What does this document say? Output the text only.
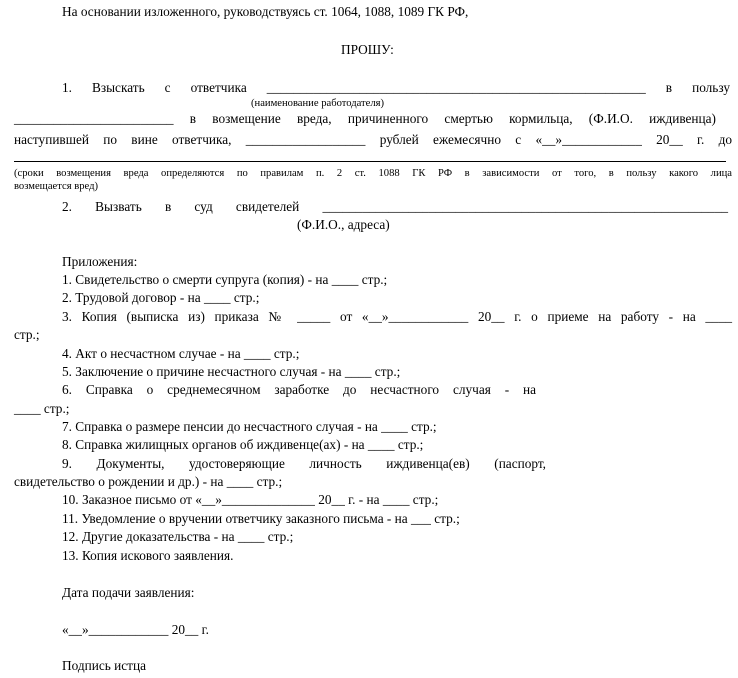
На основании изложенного, руководствуясь ст. 1064, 1088, 1089 ГК РФ,
ПРОШУ:
1. Взыскать с ответчика _________________________________________________________ в пользу
(наименование работодателя)
________________________ в возмещение вреда, причиненного смертью кормильца, (Ф.И.О. иждивенца)
наступившей по вине ответчика, __________________ рублей ежемесячно с «__»____________ 20__ г. до
(сроки возмещения вреда определяются по правилам п. 2 ст. 1088 ГК РФ в зависимости от того, в пользу какого лица
возмещается вред)
2. Вызвать в суд свидетелей _____________________________________________________________
(Ф.И.О., адреса)
Приложения:
1. Свидетельство о смерти супруга (копия) - на ____ стр.;
2. Трудовой договор - на ____ стр.;
3. Копия (выписка из) приказа № _____ от «__»____________ 20__ г. о приеме на работу - на ____
стр.;
4. Акт о несчастном случае - на ____ стр.;
5. Заключение о причине несчастного случая - на ____ стр.;
6. Справка о среднемесячном заработке до несчастного случая - на
____ стр.;
7. Справка о размере пенсии до несчастного случая - на ____ стр.;
8. Справка жилищных органов об иждивенце(ах) - на ____ стр.;
9. Документы, удостоверяющие личность иждивенца(ев) (паспорт,
свидетельство о рождении и др.) - на ____ стр.;
10. Заказное письмо от «__»______________ 20__ г. - на ____ стр.;
11. Уведомление о вручении ответчику заказного письма - на ___ стр.;
12. Другие доказательства - на ____ стр.;
13. Копия искового заявления.
Дата подачи заявления:
«__»____________ 20__ г.
Подпись истца
